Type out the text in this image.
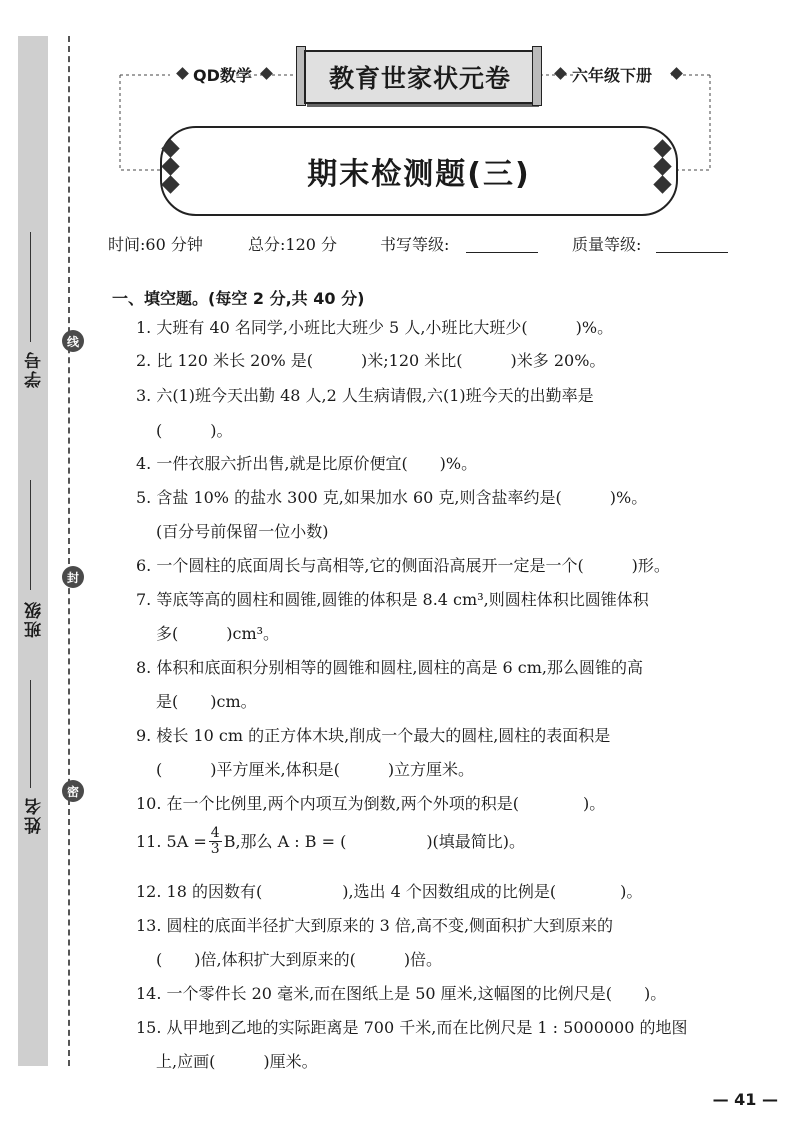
学号
班级
姓名
线
封
密
QD数学	教育世家状元卷	六年级下册
期末检测题(三)
时间:60 分钟	总分:120 分	书写等级:	质量等级:
一、填空题。(每空 2 分,共 40 分)
1. 大班有 40 名同学,小班比大班少 5 人,小班比大班少(　　　)%。
2. 比 120 米长 20% 是(　　　)米;120 米比(　　　)米多 20%。
3. 六(1)班今天出勤 48 人,2 人生病请假,六(1)班今天的出勤率是
(　　　)。
4. 一件衣服六折出售,就是比原价便宜(　　)%。
5. 含盐 10% 的盐水 300 克,如果加水 60 克,则含盐率约是(　　　)%。
(百分号前保留一位小数)
6. 一个圆柱的底面周长与高相等,它的侧面沿高展开一定是一个(　　　)形。
7. 等底等高的圆柱和圆锥,圆锥的体积是 8.4 cm³,则圆柱体积比圆锥体积
多(　　　)cm³。
8. 体积和底面积分别相等的圆锥和圆柱,圆柱的高是 6 cm,那么圆锥的高
是(　　)cm。
9. 棱长 10 cm 的正方体木块,削成一个最大的圆柱,圆柱的表面积是
(　　　)平方厘米,体积是(　　　)立方厘米。
10. 在一个比例里,两个内项互为倒数,两个外项的积是(　　　　)。
11. $5A = \frac{4}{3} B$,那么 A : B = (　　　　　)(填最简比)。
12. 18 的因数有(　　　　　),选出 4 个因数组成的比例是(　　　　)。
13. 圆柱的底面半径扩大到原来的 3 倍,高不变,侧面积扩大到原来的
(　　)倍,体积扩大到原来的(　　　)倍。
14. 一个零件长 20 毫米,而在图纸上是 50 厘米,这幅图的比例尺是(　　)。
15. 从甲地到乙地的实际距离是 700 千米,而在比例尺是 1 : 5000000 的地图
上,应画(　　　)厘米。
— 41 —
